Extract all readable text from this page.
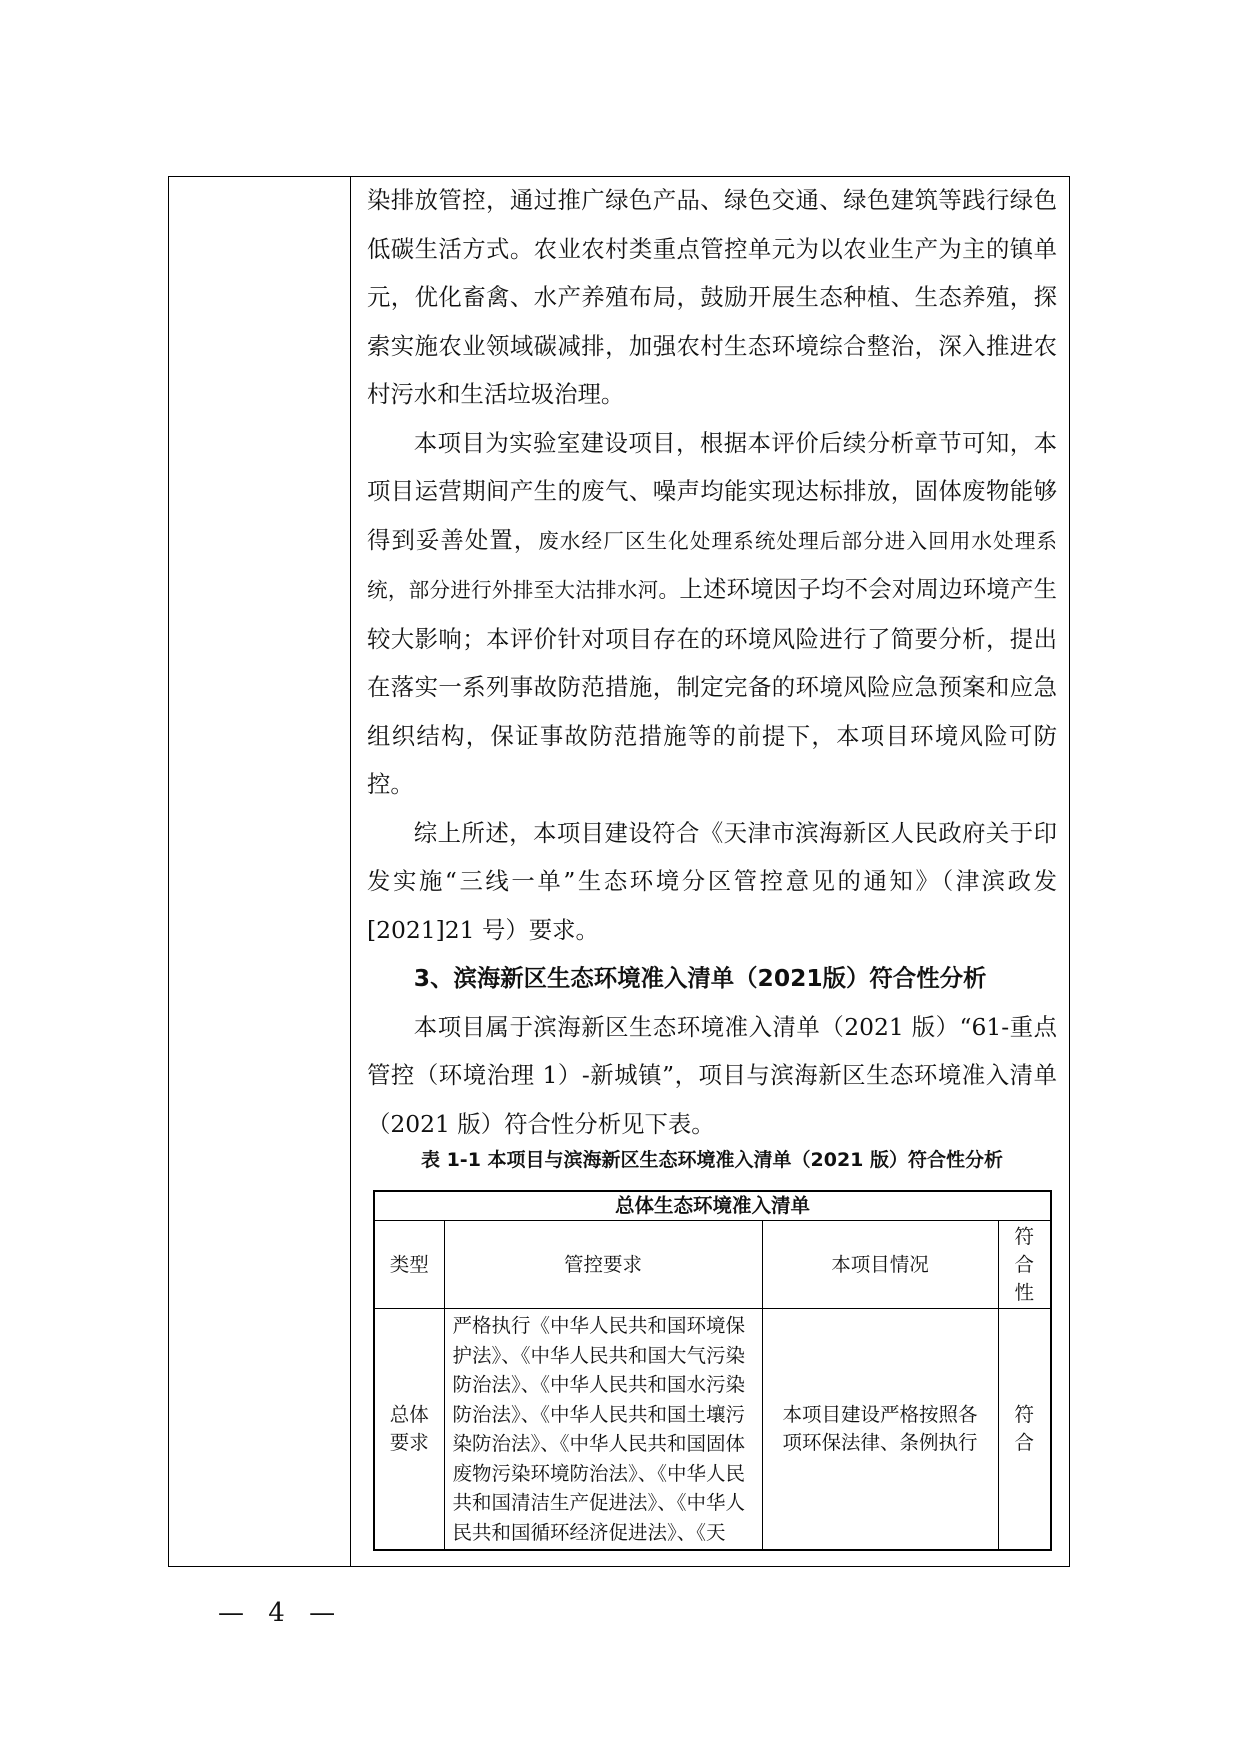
染排放管控，通过推广绿色产品、绿色交通、绿色建筑等践行绿色低碳生活方式。农业农村类重点管控单元为以农业生产为主的镇单元，优化畜禽、水产养殖布局，鼓励开展生态种植、生态养殖，探索实施农业领域碳减排，加强农村生态环境综合整治，深入推进农村污水和生活垃圾治理。

本项目为实验室建设项目，根据本评价后续分析章节可知，本项目运营期间产生的废气、噪声均能实现达标排放，固体废物能够得到妥善处置，废水经厂区生化处理系统处理后部分进入回用水处理系统，部分进行外排至大沽排水河。上述环境因子均不会对周边环境产生较大影响；本评价针对项目存在的环境风险进行了简要分析，提出在落实一系列事故防范措施，制定完备的环境风险应急预案和应急组织结构，保证事故防范措施等的前提下，本项目环境风险可防控。

综上所述，本项目建设符合《天津市滨海新区人民政府关于印发实施“三线一单”生态环境分区管控意见的通知》（津滨政发[2021]21 号）要求。

3、滨海新区生态环境准入清单（2021版）符合性分析

本项目属于滨海新区生态环境准入清单（2021 版）“61-重点管控（环境治理 1）-新城镇”，项目与滨海新区生态环境准入清单（2021 版）符合性分析见下表。

表 1-1 本项目与滨海新区生态环境准入清单（2021 版）符合性分析
总体生态环境准入清单			
类型	管控要求	本项目情况	符合性
总体要求	严格执行《中华人民共和国环境保护法》、《中华人民共和国大气污染防治法》、《中华人民共和国水污染防治法》、《中华人民共和国土壤污染防治法》、《中华人民共和国固体废物污染环境防治法》、《中华人民共和国清洁生产促进法》、《中华人民共和国循环经济促进法》、《天	本项目建设严格按照各项环保法律、条例执行	符合
— 4 —
